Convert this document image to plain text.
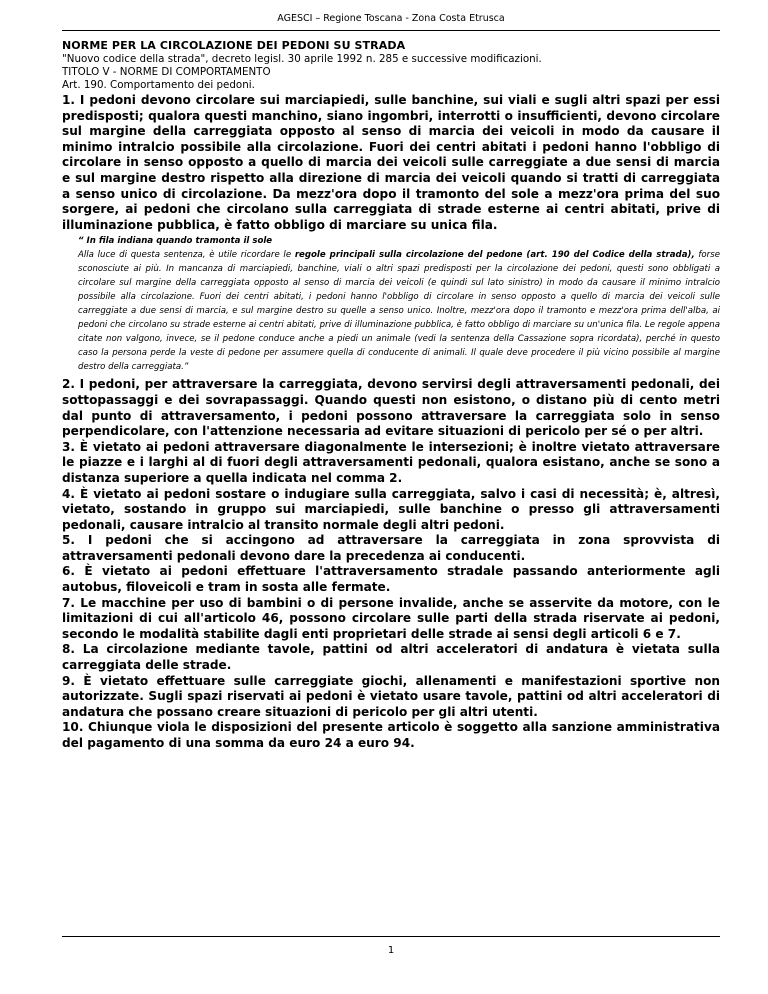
AGESCI – Regione Toscana - Zona Costa Etrusca
NORME PER LA CIRCOLAZIONE DEI PEDONI SU STRADA
"Nuovo codice della strada", decreto legisl. 30 aprile 1992 n. 285 e successive modificazioni.
TITOLO V - NORME DI COMPORTAMENTO
Art. 190. Comportamento dei pedoni.

1. I pedoni devono circolare sui marciapiedi, sulle banchine, sui viali e sugli altri spazi per essi predisposti; qualora questi manchino, siano ingombri, interrotti o insufficienti, devono circolare sul margine della carreggiata opposto al senso di marcia dei veicoli in modo da causare il minimo intralcio possibile alla circolazione. Fuori dei centri abitati i pedoni hanno l'obbligo di circolare in senso opposto a quello di marcia dei veicoli sulle carreggiate a due sensi di marcia e sul margine destro rispetto alla direzione di marcia dei veicoli quando si tratti di carreggiata a senso unico di circolazione. Da mezz'ora dopo il tramonto del sole a mezz'ora prima del suo sorgere, ai pedoni che circolano sulla carreggiata di strade esterne ai centri abitati, prive di illuminazione pubblica, è fatto obbligo di marciare su unica fila.

“ In fila indiana quando tramonta il sole
Alla luce di questa sentenza, è utile ricordare le regole principali sulla circolazione del pedone (art. 190 del Codice della strada), forse sconosciute ai più. In mancanza di marciapiedi, banchine, viali o altri spazi predisposti per la circolazione dei pedoni, questi sono obbligati a circolare sul margine della carreggiata opposto al senso di marcia dei veicoli (e quindi sul lato sinistro) in modo da causare il minimo intralcio possibile alla circolazione. Fuori dei centri abitati, i pedoni hanno l'obbligo di circolare in senso opposto a quello di marcia dei veicoli sulle carreggiate a due sensi di marcia, e sul margine destro su quelle a senso unico. Inoltre, mezz'ora dopo il tramonto e mezz'ora prima dell'alba, ai pedoni che circolano su strade esterne ai centri abitati, prive di illuminazione pubblica, è fatto obbligo di marciare su un'unica fila. Le regole appena citate non valgono, invece, se il pedone conduce anche a piedi un animale (vedi la sentenza della Cassazione sopra ricordata), perché in questo caso la persona perde la veste di pedone per assumere quella di conducente di animali. Il quale deve procedere il più vicino possibile al margine destro della carreggiata.”

2. I pedoni, per attraversare la carreggiata, devono servirsi degli attraversamenti pedonali, dei sottopassaggi e dei sovrapassaggi. Quando questi non esistono, o distano più di cento metri dal punto di attraversamento, i pedoni possono attraversare la carreggiata solo in senso perpendicolare, con l'attenzione necessaria ad evitare situazioni di pericolo per sé o per altri.

3. È vietato ai pedoni attraversare diagonalmente le intersezioni; è inoltre vietato attraversare le piazze e i larghi al di fuori degli attraversamenti pedonali, qualora esistano, anche se sono a distanza superiore a quella indicata nel comma 2.

4. È vietato ai pedoni sostare o indugiare sulla carreggiata, salvo i casi di necessità; è, altresì, vietato, sostando in gruppo sui marciapiedi, sulle banchine o presso gli attraversamenti pedonali, causare intralcio al transito normale degli altri pedoni.

5. I pedoni che si accingono ad attraversare la carreggiata in zona sprovvista di attraversamenti pedonali devono dare la precedenza ai conducenti.

6. È vietato ai pedoni effettuare l'attraversamento stradale passando anteriormente agli autobus, filoveicoli e tram in sosta alle fermate.

7. Le macchine per uso di bambini o di persone invalide, anche se asservite da motore, con le limitazioni di cui all'articolo 46, possono circolare sulle parti della strada riservate ai pedoni, secondo le modalità stabilite dagli enti proprietari delle strade ai sensi degli articoli 6 e 7.

8. La circolazione mediante tavole, pattini od altri acceleratori di andatura è vietata sulla carreggiata delle strade.

9. È vietato effettuare sulle carreggiate giochi, allenamenti e manifestazioni sportive non autorizzate. Sugli spazi riservati ai pedoni è vietato usare tavole, pattini od altri acceleratori di andatura che possano creare situazioni di pericolo per gli altri utenti.

10. Chiunque viola le disposizioni del presente articolo è soggetto alla sanzione amministrativa del pagamento di una somma da euro 24 a euro 94.

1
